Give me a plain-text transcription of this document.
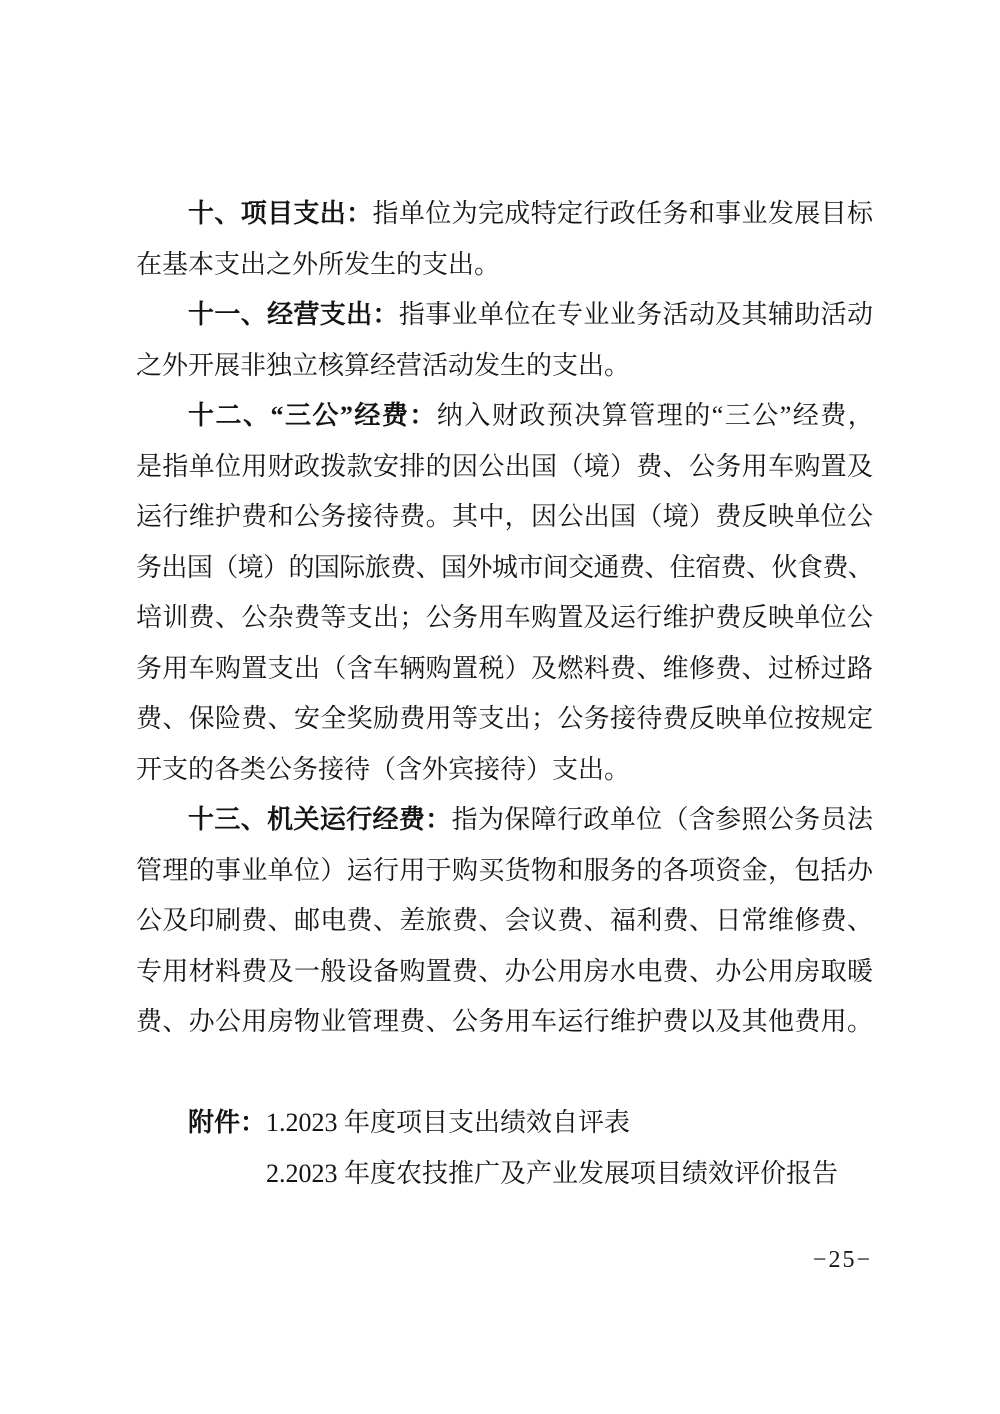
十、项目支出：指单位为完成特定行政任务和事业发展目标
在基本支出之外所发生的支出。
十一、经营支出：指事业单位在专业业务活动及其辅助活动
之外开展非独立核算经营活动发生的支出。
十二、“三公”经费：纳入财政预决算管理的“三公”经费，
是指单位用财政拨款安排的因公出国（境）费、公务用车购置及
运行维护费和公务接待费。其中，因公出国（境）费反映单位公
务出国（境）的国际旅费、国外城市间交通费、住宿费、伙食费、
培训费、公杂费等支出；公务用车购置及运行维护费反映单位公
务用车购置支出（含车辆购置税）及燃料费、维修费、过桥过路
费、保险费、安全奖励费用等支出；公务接待费反映单位按规定
开支的各类公务接待（含外宾接待）支出。
十三、机关运行经费：指为保障行政单位（含参照公务员法
管理的事业单位）运行用于购买货物和服务的各项资金，包括办
公及印刷费、邮电费、差旅费、会议费、福利费、日常维修费、
专用材料费及一般设备购置费、办公用房水电费、办公用房取暖
费、办公用房物业管理费、公务用车运行维护费以及其他费用。
附件：1.2023 年度项目支出绩效自评表
2.2023 年度农技推广及产业发展项目绩效评价报告
−25−
